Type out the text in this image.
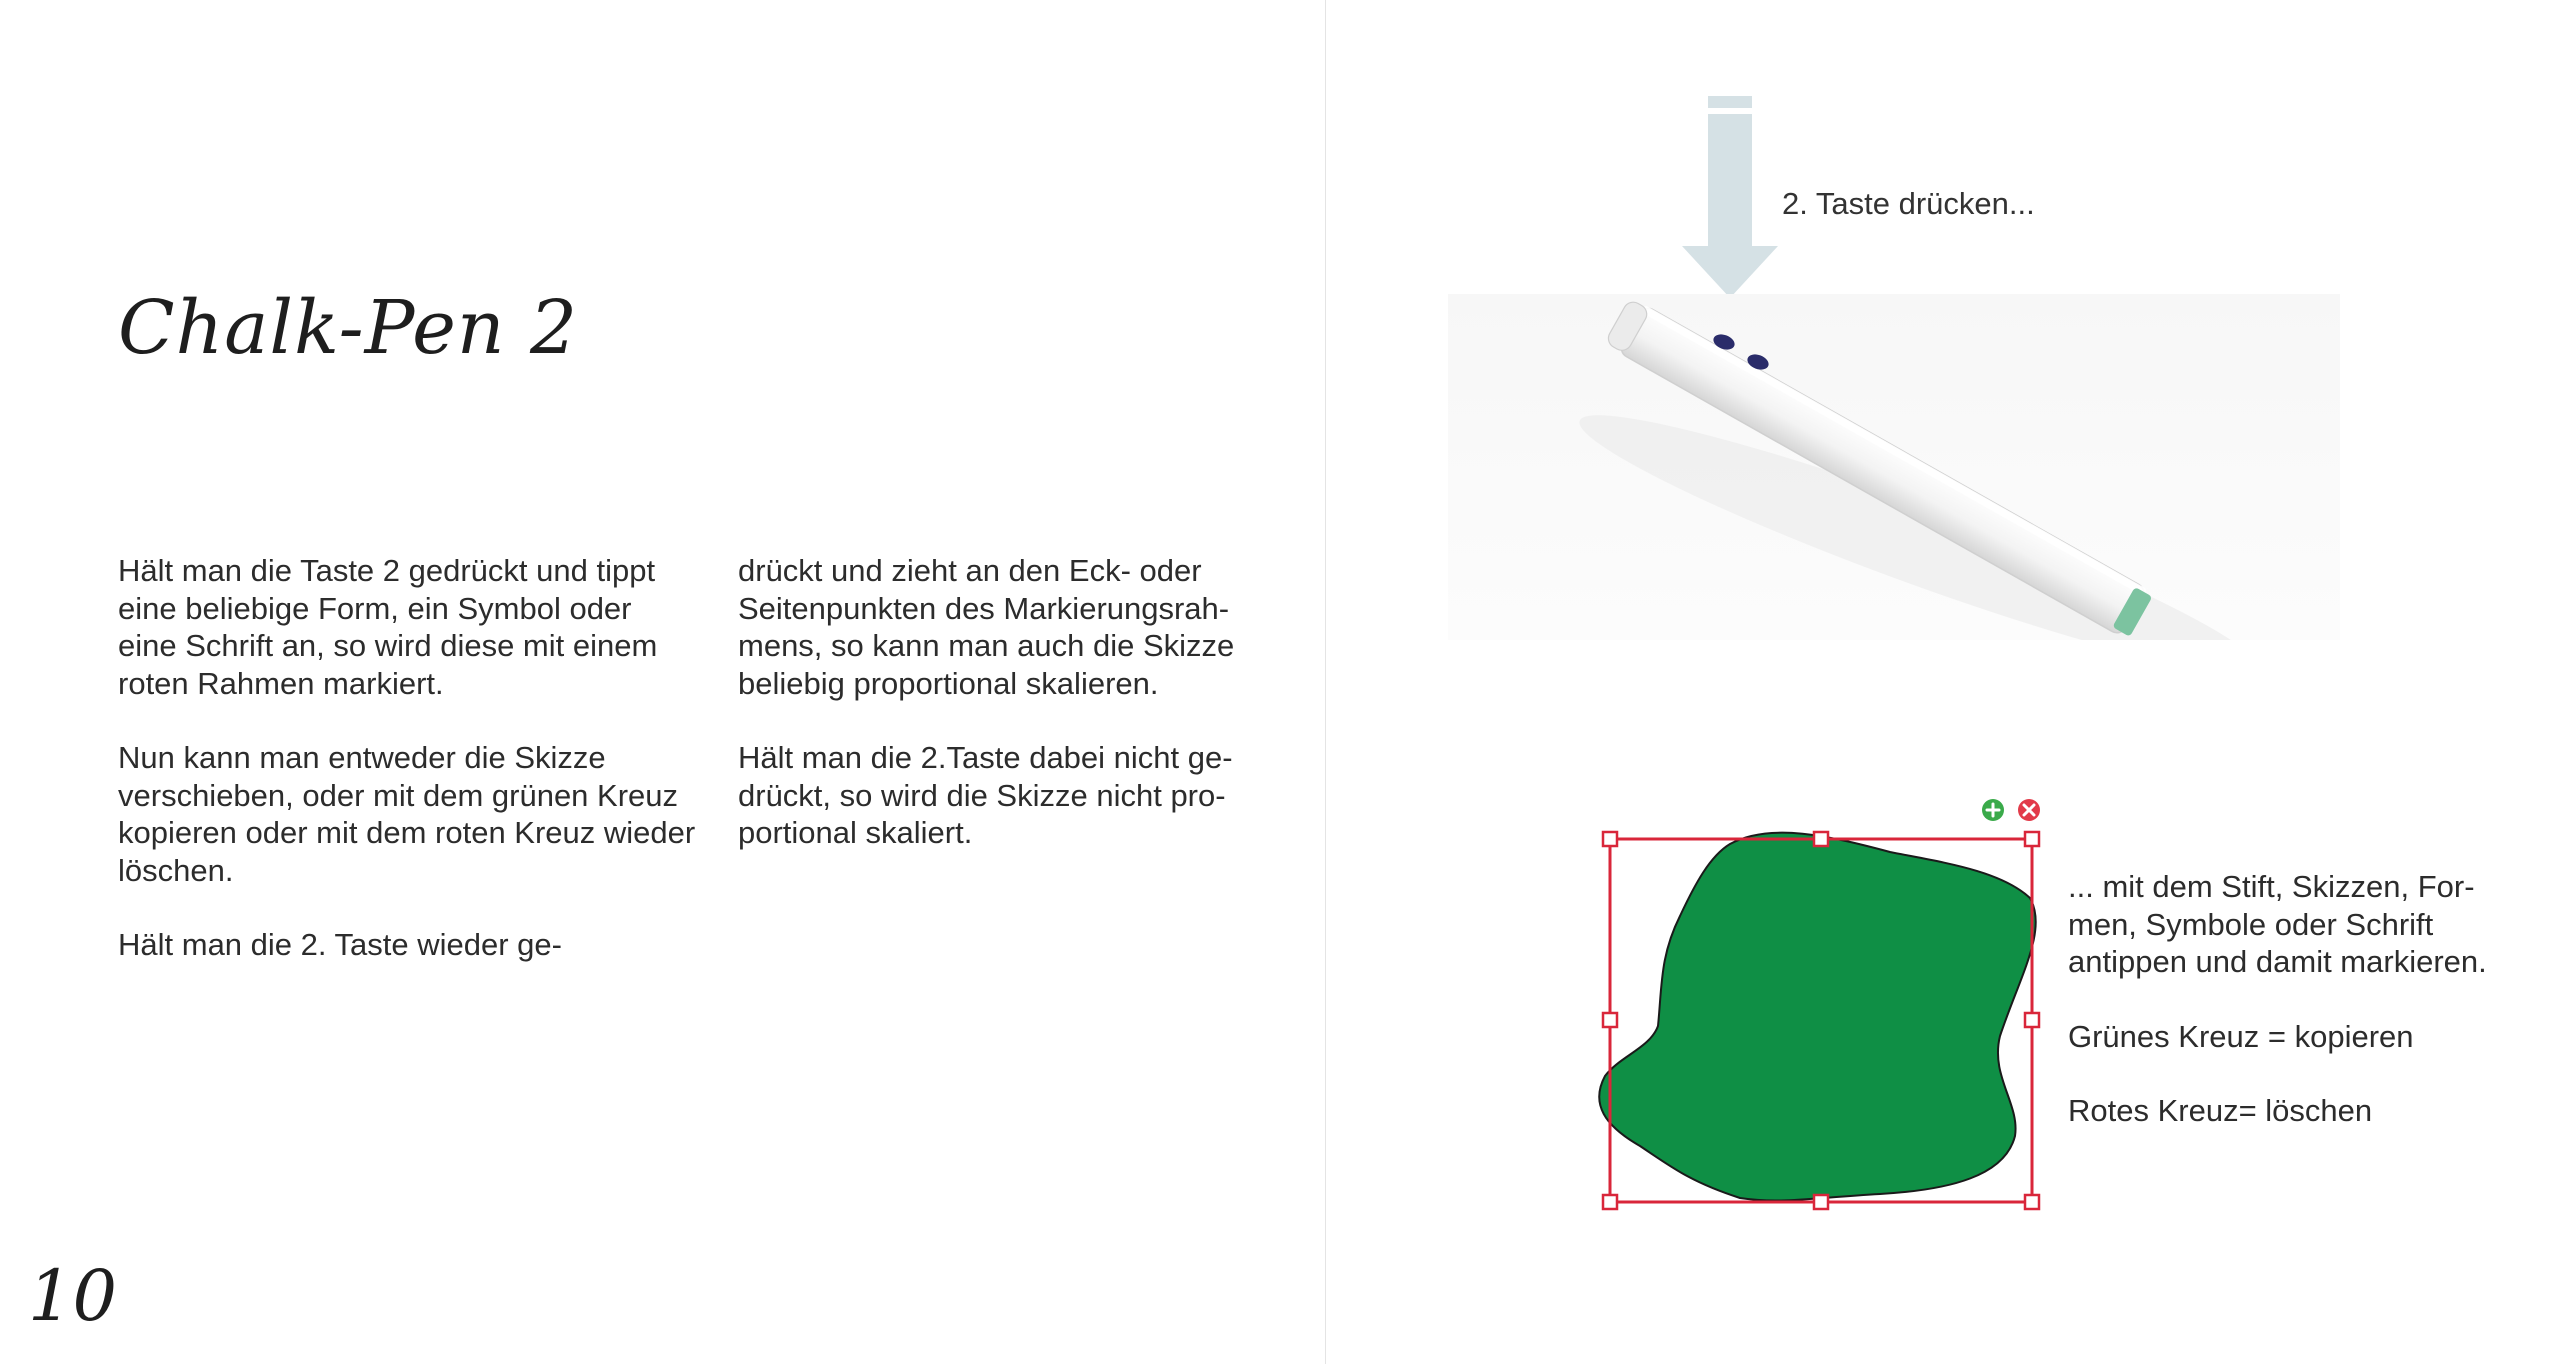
Chalk-Pen 2

Hält man die Taste 2 gedrückt und tippt eine beliebige Form, ein Symbol oder eine Schrift an, so wird diese mit einem roten Rahmen markiert.

Nun kann man entweder die Skizze verschieben, oder mit dem grünen Kreuz kopieren oder mit dem roten Kreuz wieder löschen.

Hält man die 2. Taste wieder ge-

drückt und zieht an den Eck- oder Seitenpunkten des Markierungsrah- mens, so kann man auch die Skizze beliebig proportional skalieren.

Hält man die 2.Taste dabei nicht ge- drückt, so wird die Skizze nicht pro- portional skaliert.

10
2. Taste drücken...

... mit dem Stift, Skizzen, For- men, Symbole oder Schrift antippen und damit markieren.

Grünes Kreuz = kopieren

Rotes Kreuz= löschen
